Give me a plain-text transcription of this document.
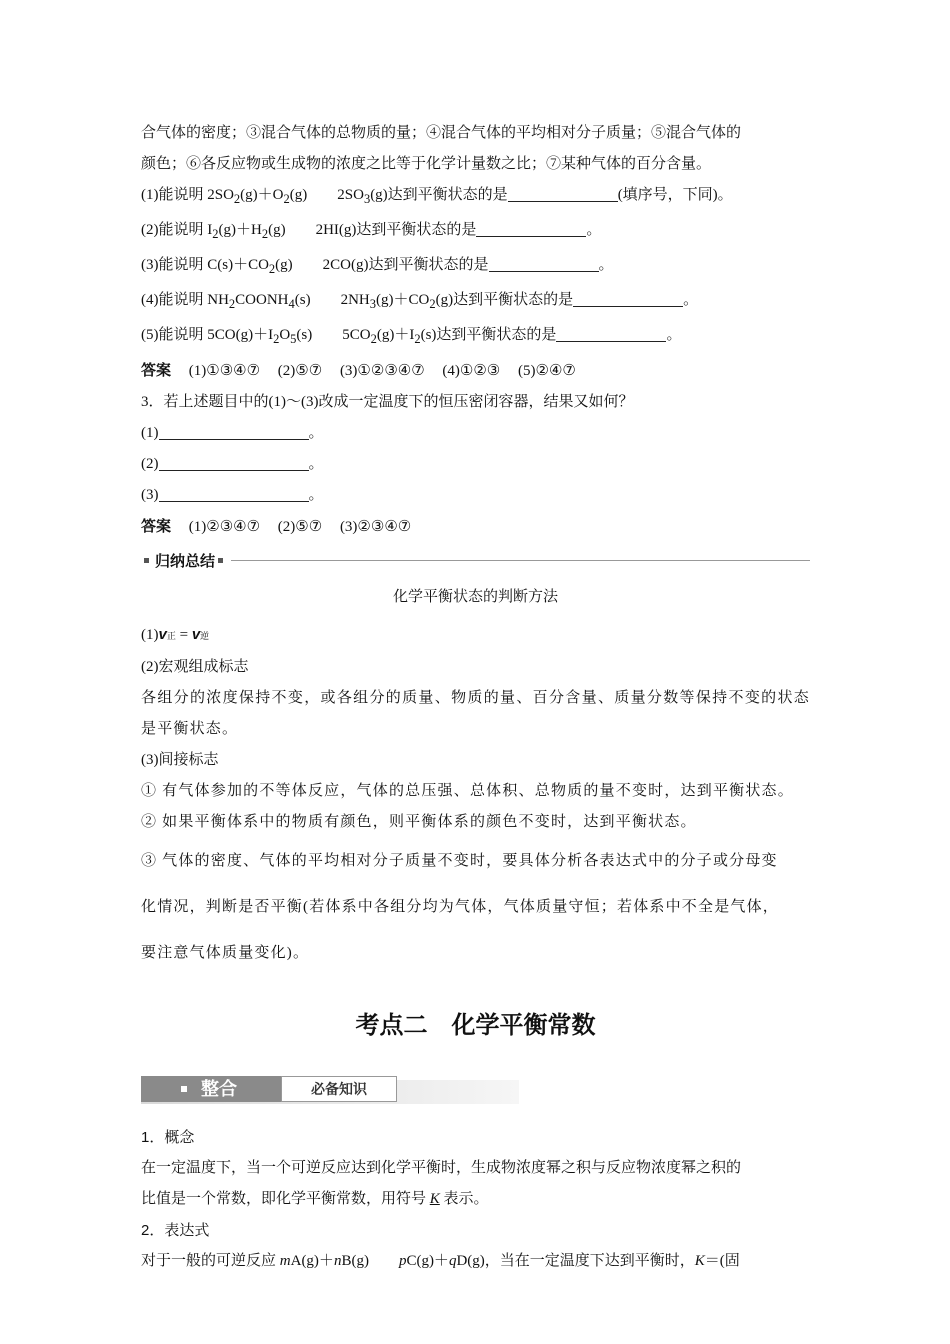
合气体的密度；③混合气体的总物质的量；④混合气体的平均相对分子质量；⑤混合气体的
颜色；⑥各反应物或生成物的浓度之比等于化学计量数之比；⑦某种气体的百分含量。
(1)能说明 $2SO_2(g)+O_2(g)$ $2SO_3(g)$达到平衡状态的是	(填序号，下同)。
(2)能说明 $I_2(g)+H_2(g)$ 2HI(g)达到平衡状态的是	。
(3)能说明 $C(s)+CO_2(g)$ 2CO(g)达到平衡状态的是	。
(4)能说明 $NH_2COONH_4(s)$ $2NH_3(g)+CO_2(g)$达到平衡状态的是	。
(5)能说明 $5CO(g)+I_2O_5(s)$ $5CO_2(g)+I_2(s)$达到平衡状态的是	。
答案 (1)①③④⑦ (2)⑤⑦ (3)①②③④⑦ (4)①②③ (5)②④⑦
3．若上述题目中的(1)～(3)改成一定温度下的恒压密闭容器，结果又如何？
(1)	。
(2)	。
(3)	。
答案 (1)②③④⑦ (2)⑤⑦ (3)②③④⑦
归纳总结
化学平衡状态的判断方法
(1)v正 = v逆
(2)宏观组成标志
各组分的浓度保持不变，或各组分的质量、物质的量、百分含量、质量分数等保持不变的状态是平衡状态。
(3)间接标志
① 有气体参加的不等体反应，气体的总压强、总体积、总物质的量不变时，达到平衡状态。
② 如果平衡体系中的物质有颜色，则平衡体系的颜色不变时，达到平衡状态。
③ 气体的密度、气体的平均相对分子质量不变时，要具体分析各表达式中的分子或分母变
化情况，判断是否平衡(若体系中各组分均为气体，气体质量守恒；若体系中不全是气体，
要注意气体质量变化)。
考点二　化学平衡常数
整合	必备知识
1．概念
在一定温度下，当一个可逆反应达到化学平衡时，生成物浓度幂之积与反应物浓度幂之积的
比值是一个常数，即化学平衡常数，用符号 K 表示。
2．表达式
对于一般的可逆反应 mA(g)＋nB(g) pC(g)＋qD(g)，当在一定温度下达到平衡时，K＝(固
